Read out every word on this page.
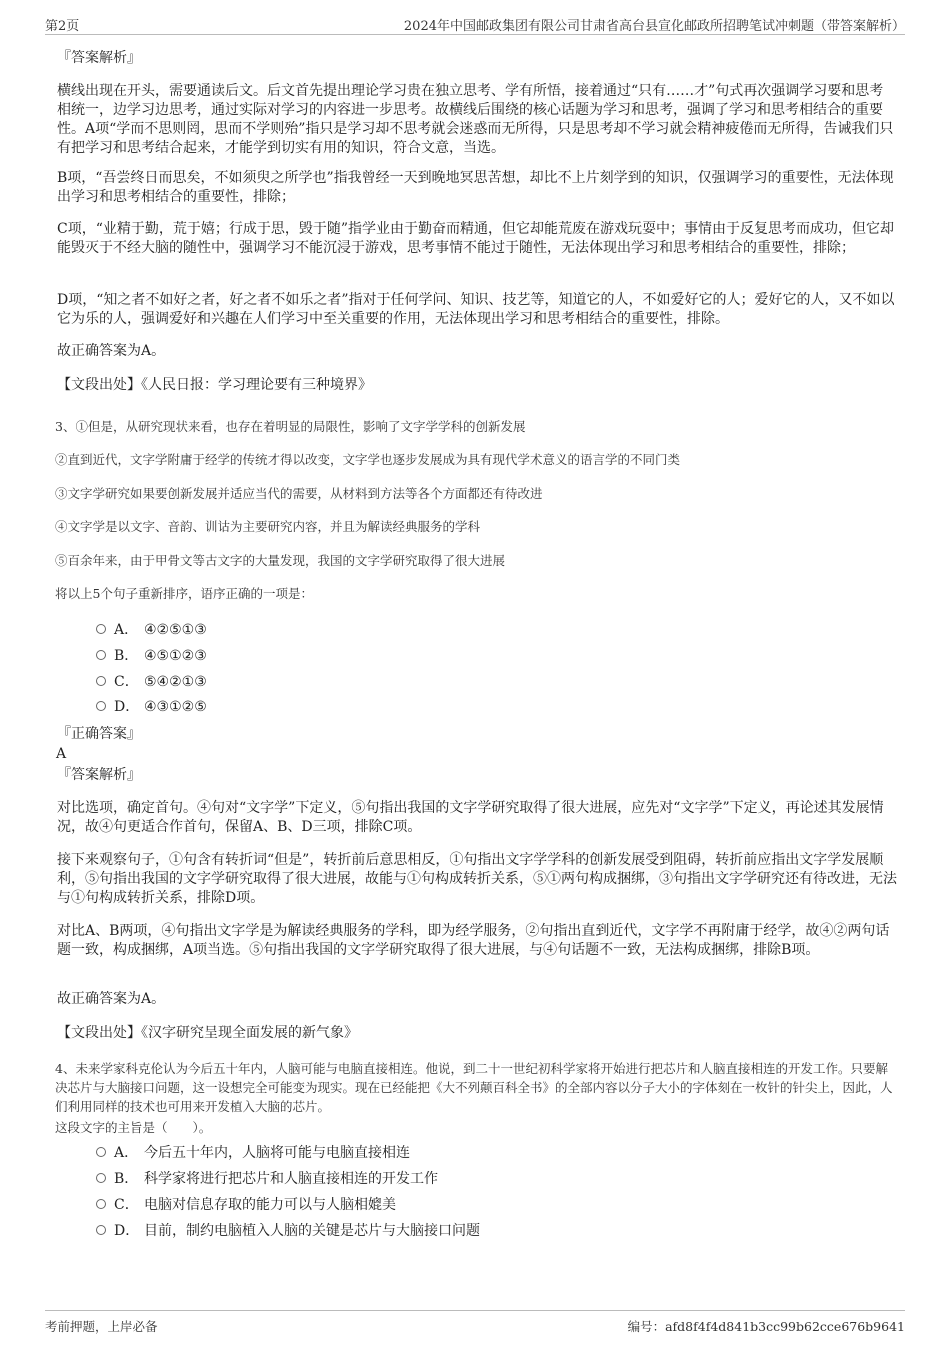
第2页	2024年中国邮政集团有限公司甘肃省高台县宣化邮政所招聘笔试冲刺题（带答案解析）

『答案解析』

横线出现在开头，需要通读后文。后文首先提出理论学习贵在独立思考、学有所悟，接着通过“只有……才”句式再次强调学习要和思考相统一，边学习边思考，通过实际对学习的内容进一步思考。故横线后围绕的核心话题为学习和思考，强调了学习和思考相结合的重要性。A项“学而不思则罔，思而不学则殆”指只是学习却不思考就会迷惑而无所得，只是思考却不学习就会精神疲倦而无所得，告诫我们只有把学习和思考结合起来，才能学到切实有用的知识，符合文意，当选。

B项，“吾尝终日而思矣，不如须臾之所学也”指我曾经一天到晚地冥思苦想，却比不上片刻学到的知识，仅强调学习的重要性，无法体现出学习和思考相结合的重要性，排除；

C项，“业精于勤，荒于嬉；行成于思，毁于随”指学业由于勤奋而精通，但它却能荒废在游戏玩耍中；事情由于反复思考而成功，但它却能毁灭于不经大脑的随性中，强调学习不能沉浸于游戏，思考事情不能过于随性，无法体现出学习和思考相结合的重要性，排除；

D项，“知之者不如好之者，好之者不如乐之者”指对于任何学问、知识、技艺等，知道它的人，不如爱好它的人；爱好它的人，又不如以它为乐的人，强调爱好和兴趣在人们学习中至关重要的作用，无法体现出学习和思考相结合的重要性，排除。

故正确答案为A。

【文段出处】《人民日报：学习理论要有三种境界》

3、①但是，从研究现状来看，也存在着明显的局限性，影响了文字学学科的创新发展

②直到近代，文字学附庸于经学的传统才得以改变，文字学也逐步发展成为具有现代学术意义的语言学的不同门类

③文字学研究如果要创新发展并适应当代的需要，从材料到方法等各个方面都还有待改进

④文字学是以文字、音韵、训诂为主要研究内容，并且为解读经典服务的学科

⑤百余年来，由于甲骨文等古文字的大量发现，我国的文字学研究取得了很大进展

将以上5个句子重新排序，语序正确的一项是：

A． ④②⑤①③
B． ④⑤①②③
C． ⑤④②①③
D． ④③①②⑤

『正确答案』

A

『答案解析』

对比选项，确定首句。④句对“文字学”下定义，⑤句指出我国的文字学研究取得了很大进展，应先对“文字学”下定义，再论述其发展情况，故④句更适合作首句，保留A、B、D三项，排除C项。

接下来观察句子，①句含有转折词“但是”，转折前后意思相反，①句指出文字学学科的创新发展受到阻碍，转折前应指出文字学发展顺利，⑤句指出我国的文字学研究取得了很大进展，故能与①句构成转折关系，⑤①两句构成捆绑，③句指出文字学研究还有待改进，无法与①句构成转折关系，排除D项。

对比A、B两项，④句指出文字学是为解读经典服务的学科，即为经学服务，②句指出直到近代，文字学不再附庸于经学，故④②两句话题一致，构成捆绑，A项当选。⑤句指出我国的文字学研究取得了很大进展，与④句话题不一致，无法构成捆绑，排除B项。

故正确答案为A。

【文段出处】《汉字研究呈现全面发展的新气象》

4、未来学家科克伦认为今后五十年内，人脑可能与电脑直接相连。他说，到二十一世纪初科学家将开始进行把芯片和人脑直接相连的开发工作。只要解决芯片与大脑接口问题，这一设想完全可能变为现实。现在已经能把《大不列颠百科全书》的全部内容以分子大小的字体刻在一枚针的针尖上，因此，人们利用同样的技术也可用来开发植入大脑的芯片。

这段文字的主旨是（　　）。

A． 今后五十年内，人脑将可能与电脑直接相连
B． 科学家将进行把芯片和人脑直接相连的开发工作
C． 电脑对信息存取的能力可以与人脑相媲美
D． 目前，制约电脑植入人脑的关键是芯片与大脑接口问题
考前押题，上岸必备	编号：afd8f4f4d841b3cc99b62cce676b9641
